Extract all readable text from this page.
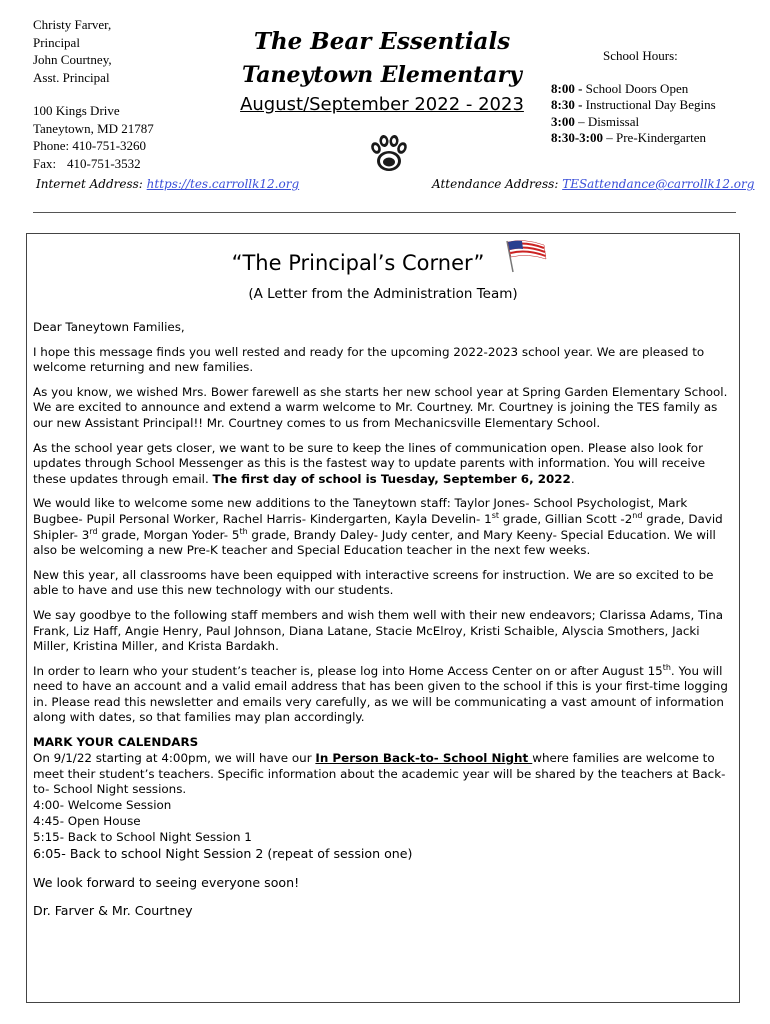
Christy Farver,
Principal
John Courtney,
Asst. Principal
100 Kings Drive
Taneytown, MD 21787
Phone: 410-751-3260
Fax: 410-751-3532
The Bear Essentials
Taneytown Elementary
August/September 2022 - 2023
School Hours:
8:00 - School Doors Open
8:30 - Instructional Day Begins
3:00 – Dismissal
8:30-3:00 – Pre-Kindergarten
Internet Address: https://tes.carrollk12.org	Attendance Address: TESattendance@carrollk12.org
“The Principal’s Corner”
(A Letter from the Administration Team)

Dear Taneytown Families,

I hope this message finds you well rested and ready for the upcoming 2022-2023 school year. We are pleased to welcome returning and new families.

As you know, we wished Mrs. Bower farewell as she starts her new school year at Spring Garden Elementary School. We are excited to announce and extend a warm welcome to Mr. Courtney. Mr. Courtney is joining the TES family as our new Assistant Principal!! Mr. Courtney comes to us from Mechanicsville Elementary School.

As the school year gets closer, we want to be sure to keep the lines of communication open. Please also look for updates through School Messenger as this is the fastest way to update parents with information. You will receive these updates through email. The first day of school is Tuesday, September 6, 2022.

We would like to welcome some new additions to the Taneytown staff: Taylor Jones- School Psychologist, Mark Bugbee- Pupil Personal Worker, Rachel Harris- Kindergarten, Kayla Develin- 1st grade, Gillian Scott -2nd grade, David Shipler- 3rd grade, Morgan Yoder- 5th grade, Brandy Daley- Judy center, and Mary Keeny- Special Education. We will also be welcoming a new Pre-K teacher and Special Education teacher in the next few weeks.

New this year, all classrooms have been equipped with interactive screens for instruction. We are so excited to be able to have and use this new technology with our students.

We say goodbye to the following staff members and wish them well with their new endeavors; Clarissa Adams, Tina Frank, Liz Haff, Angie Henry, Paul Johnson, Diana Latane, Stacie McElroy, Kristi Schaible, Alyscia Smothers, Jacki Miller, Kristina Miller, and Krista Bardakh.

In order to learn who your student’s teacher is, please log into Home Access Center on or after August 15th. You will need to have an account and a valid email address that has been given to the school if this is your first-time logging in. Please read this newsletter and emails very carefully, as we will be communicating a vast amount of information along with dates, so that families may plan accordingly.

MARK YOUR CALENDARS
On 9/1/22 starting at 4:00pm, we will have our In Person Back-to- School Night where families are welcome to meet their student’s teachers. Specific information about the academic year will be shared by the teachers at Back-to- School Night sessions.
4:00- Welcome Session
4:45- Open House
5:15- Back to School Night Session 1
6:05- Back to school Night Session 2 (repeat of session one)

We look forward to seeing everyone soon!

Dr. Farver & Mr. Courtney
